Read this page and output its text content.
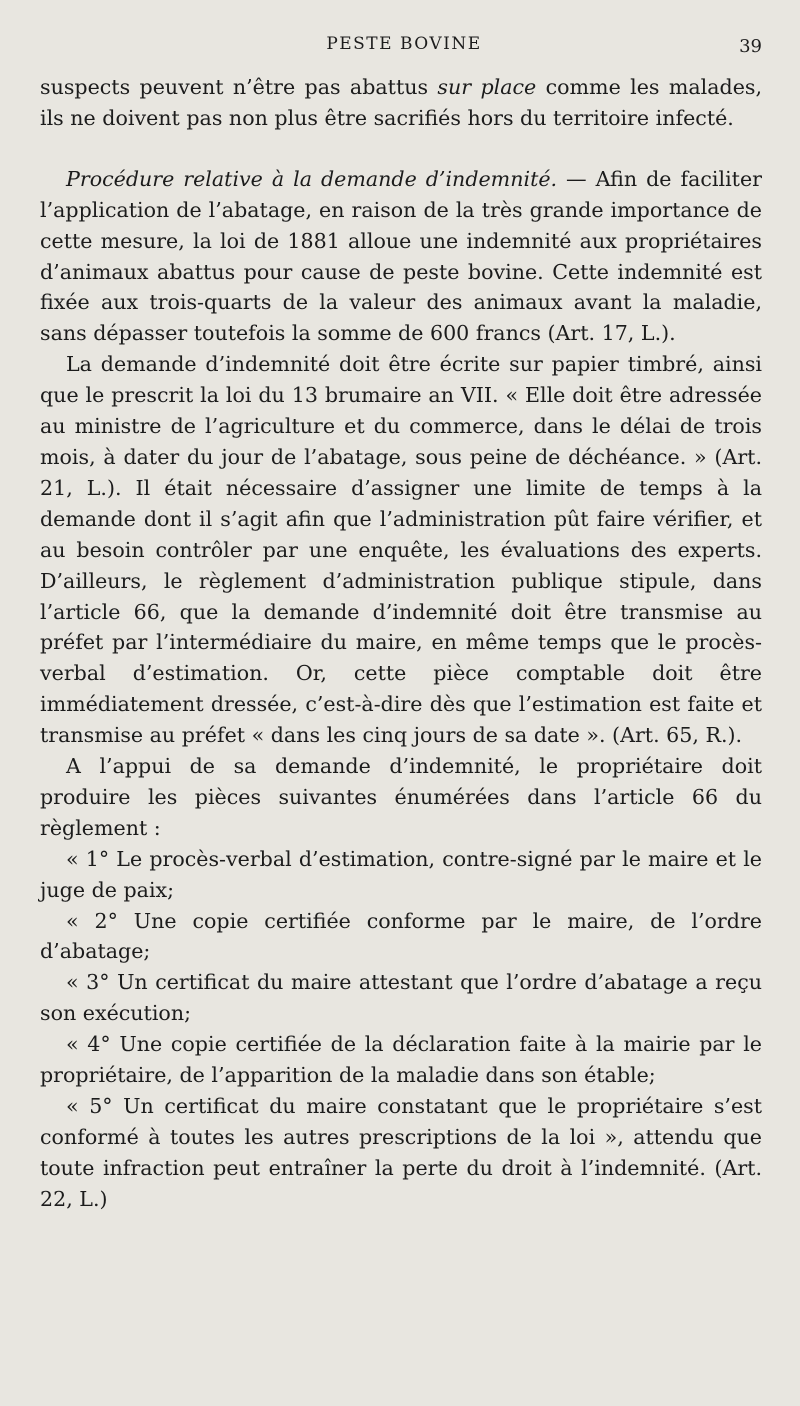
PESTE BOVINE	39

suspects peuvent n’être pas abattus sur place comme les malades, ils ne doivent pas non plus être sacrifiés hors du territoire infecté.

Procédure relative à la demande d’indemnité. — Afin de faciliter l’application de l’abatage, en raison de la très grande importance de cette mesure, la loi de 1881 alloue une indemnité aux propriétaires d’animaux abattus pour cause de peste bovine. Cette indemnité est fixée aux trois-quarts de la valeur des animaux avant la maladie, sans dépasser toutefois la somme de 600 francs (Art. 17, L.).

La demande d’indemnité doit être écrite sur papier timbré, ainsi que le prescrit la loi du 13 brumaire an VII. « Elle doit être adressée au ministre de l’agriculture et du commerce, dans le délai de trois mois, à dater du jour de l’abatage, sous peine de déchéance. » (Art. 21, L.). Il était nécessaire d’assigner une limite de temps à la demande dont il s’agit afin que l’administration pût faire vérifier, et au besoin contrôler par une enquête, les évaluations des experts. D’ailleurs, le règlement d’administration publique stipule, dans l’article 66, que la demande d’indemnité doit être transmise au préfet par l’intermédiaire du maire, en même temps que le procès-verbal d’estimation. Or, cette pièce comptable doit être immédiatement dressée, c’est-à-dire dès que l’estimation est faite et transmise au préfet « dans les cinq jours de sa date ». (Art. 65, R.).

A l’appui de sa demande d’indemnité, le propriétaire doit produire les pièces suivantes énumérées dans l’article 66 du règlement :

« 1° Le procès-verbal d’estimation, contre-signé par le maire et le juge de paix;

« 2° Une copie certifiée conforme par le maire, de l’ordre d’abatage;

« 3° Un certificat du maire attestant que l’ordre d’abatage a reçu son exécution;

« 4° Une copie certifiée de la déclaration faite à la mairie par le propriétaire, de l’apparition de la maladie dans son étable;

« 5° Un certificat du maire constatant que le propriétaire s’est conformé à toutes les autres prescriptions de la loi », attendu que toute infraction peut entraîner la perte du droit à l’indemnité. (Art. 22, L.)
